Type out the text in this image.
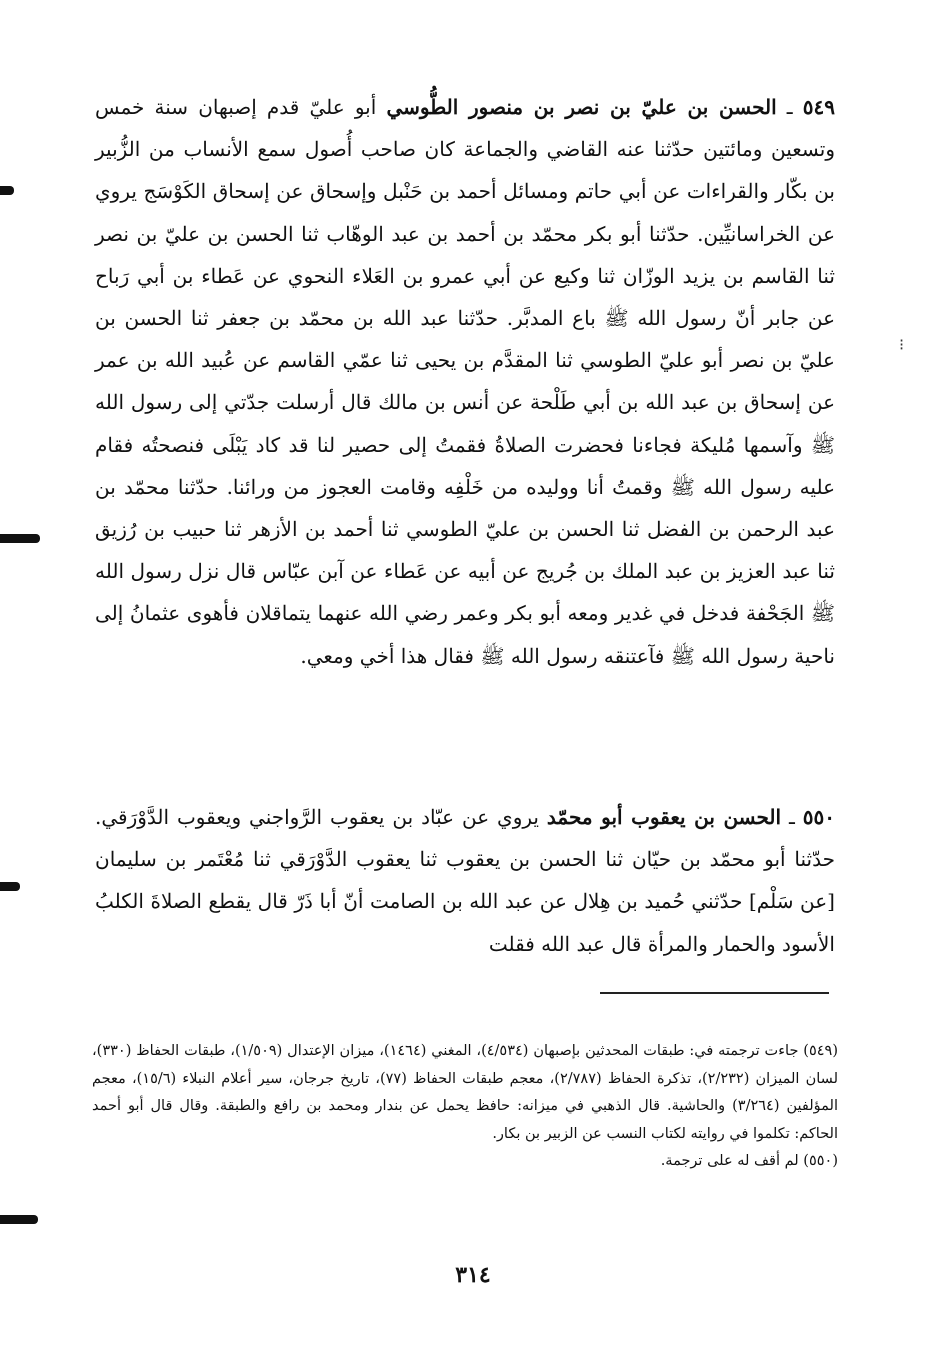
⁝
٥٤٩ ـ الحسن بن عليّ بن نصر بن منصور الطُّوسي أبو عليّ قدم إصبهان سنة خمس وتسعين ومائتين حدّثنا عنه القاضي والجماعة كان صاحب أُصول سمع الأنساب من الزُّبير بن بكّار والقراءات عن أبي حاتم ومسائل أحمد بن حَنْبل وإسحاق عن إسحاق الكَوْسَج يروي عن الخراسانيِّين. حدّثنا أبو بكر محمّد بن أحمد بن عبد الوهّاب ثنا الحسن بن عليّ بن نصر ثنا القاسم بن يزيد الوزّان ثنا وكيع عن أبي عمرو بن العَلاء النحوي عن عَطاء بن أبي رَباح عن جابر أنّ رسول الله ﷺ باع المدبَّر. حدّثنا عبد الله بن محمّد بن جعفر ثنا الحسن بن عليّ بن نصر أبو عليّ الطوسي ثنا المقدَّم بن يحيى ثنا عمّي القاسم عن عُبيد الله بن عمر عن إسحاق بن عبد الله بن أبي طَلْحة عن أنس بن مالك قال أرسلت جدّتي إلى رسول الله ﷺ وآسمها مُليكة فجاءنا فحضرت الصلاةُ فقمتُ إلى حصير لنا قد كاد يَبْلَى فنصحتُه فقام عليه رسول الله ﷺ وقمتُ أنا ووليده من خَلْفِه وقامت العجوز من ورائنا. حدّثنا محمّد بن عبد الرحمن بن الفضل ثنا الحسن بن عليّ الطوسي ثنا أحمد بن الأزهر ثنا حبيب بن رُزيق ثنا عبد العزيز بن عبد الملك بن جُريج عن أبيه عن عَطاء عن آبن عبّاس قال نزل رسول الله ﷺ الجَحْفة فدخل في غدير ومعه أبو بكر وعمر رضي الله عنهما يتماقلان فأهوى عثمانُ إلى ناحية رسول الله ﷺ فآعتنقه رسول الله ﷺ فقال هذا أخي ومعي.
٥٥٠ ـ الحسن بن يعقوب أبو محمّد يروي عن عبّاد بن يعقوب الرَّواجني ويعقوب الدَّوْرَقي. حدّثنا أبو محمّد بن حيّان ثنا الحسن بن يعقوب ثنا يعقوب الدَّوْرَقي ثنا مُعْتَمر بن سليمان [عن سَلْم] حدّثني حُميد بن هِلال عن عبد الله بن الصامت أنّ أبا ذَرّ قال يقطع الصلاةَ الكلبُ الأسود والحمار والمرأة قال عبد الله فقلت

(٥٤٩) جاءت ترجمته في: طبقات المحدثين بإصبهان (٤/٥٣٤)، المغني (١٤٦٤)، ميزان الإعتدال (١/٥٠٩)، طبقات الحفاظ (٣٣٠)، لسان الميزان (٢/٢٣٢)، تذكرة الحفاظ (٢/٧٨٧)، معجم طبقات الحفاظ (٧٧)، تاريخ جرجان، سير أعلام النبلاء (١٥/٦)، معجم المؤلفين (٣/٢٦٤) والحاشية. قال الذهبي في ميزانه: حافظ يحمل عن بندار ومحمد بن رافع والطبقة. وقال قال أبو أحمد الحاكم: تكلموا في روايته لكتاب النسب عن الزبير بن بكار.

(٥٥٠) لم أقف له على ترجمة.

٣١٤
